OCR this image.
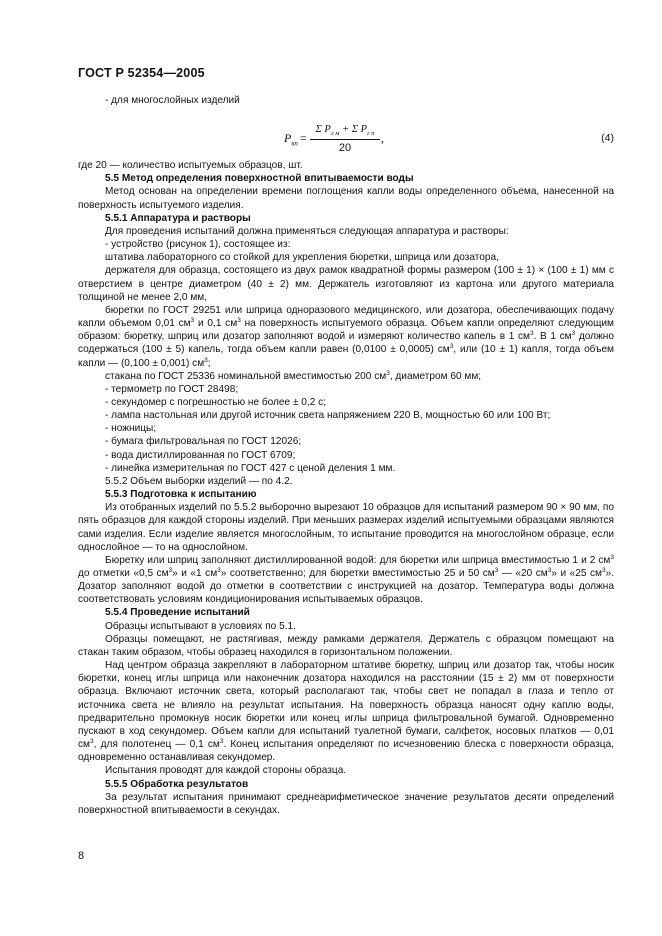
ГОСТ Р 52354—2005

- для многослойных изделий

$P_{вп}$ =
Σ $P_{л м} + \Sigma$ $P_{г п}$
20
,	(4)

где 20 — количество испытуемых образцов, шт.

5.5 Метод определения поверхностной впитываемости воды

Метод основан на определении времени поглощения капли воды определенного объема, нанесенной на поверхность испытуемого изделия.

5.5.1 Аппаратура и растворы

Для проведения испытаний должна применяться следующая аппаратура и растворы:

- устройство (рисунок 1), состоящее из:

штатива лабораторного со стойкой для укрепления бюретки, шприца или дозатора,

держателя для образца, состоящего из двух рамок квадратной формы размером (100 ± 1) × (100 ± 1) мм с отверстием в центре диаметром (40 ± 2) мм. Держатель изготовляют из картона или другого материала толщиной не менее 2,0 мм,

бюретки по ГОСТ 29251 или шприца одноразового медицинского, или дозатора, обеспечивающих подачу капли объемом 0,01 $см^3$ и 0,1 $см^3$ на поверхность испытуемого образца. Объем капли определяют следующим образом: бюретку, шприц или дозатор заполняют водой и измеряют количество капель в 1 $см^3$. В 1 $см^3$ должно содержаться (100 ± 5) капель, тогда объем капли равен (0,0100 ± 0,0005) $см^3$, или (10 ± 1) капля, тогда объем капли — (0,100 ± 0,001) $см^3$;

стакана по ГОСТ 25336 номинальной вместимостью 200 $см^3$, диаметром 60 мм;

- термометр по ГОСТ 28498;

- секундомер с погрешностью не более ± 0,2 с;

- лампа настольная или другой источник света напряжением 220 В, мощностью 60 или 100 Вт;

- ножницы;

- бумага фильтровальная по ГОСТ 12026;

- вода дистиллированная по ГОСТ 6709;

- линейка измерительная по ГОСТ 427 с ценой деления 1 мм.

5.5.2 Объем выборки изделий — по 4.2.

5.5.3 Подготовка к испытанию

Из отобранных изделий по 5.5.2 выборочно вырезают 10 образцов для испытаний размером 90 × 90 мм, по пять образцов для каждой стороны изделий. При меньших размерах изделий испытуемыми образцами являются сами изделия. Если изделие является многослойным, то испытание проводится на многослойном образце, если однослойное — то на однослойном.

Бюретку или шприц заполняют дистиллированной водой: для бюретки или шприца вместимостью 1 и 2 $см^3$ до отметки «0,5 $см^3$» и «1 $см^3$» соответственно; для бюретки вместимостью 25 и 50 $см^3$ — «20 $см^3$» и «25 $см^3$». Дозатор заполняют водой до отметки в соответствии с инструкцией на дозатор. Температура воды должна соответствовать условиям кондиционирования испытываемых образцов.

5.5.4 Проведение испытаний

Образцы испытывают в условиях по 5.1.

Образцы помещают, не растягивая, между рамками держателя. Держатель с образцом помещают на стакан таким образом, чтобы образец находился в горизонтальном положении.

Над центром образца закрепляют в лабораторном штативе бюретку, шприц или дозатор так, чтобы носик бюретки, конец иглы шприца или наконечник дозатора находился на расстоянии (15 ± 2) мм от поверхности образца. Включают источник света, который располагают так, чтобы свет не попадал в глаза и тепло от источника света не влияло на результат испытания. На поверхность образца наносят одну каплю воды, предварительно промокнув носик бюретки или конец иглы шприца фильтровальной бумагой. Одновременно пускают в ход секундомер. Объем капли для испытаний туалетной бумаги, салфеток, носовых платков — 0,01 $см^3$, для полотенец — 0,1 $см^3$. Конец испытания определяют по исчезновению блеска с поверхности образца, одновременно останавливая секундомер.

Испытания проводят для каждой стороны образца.

5.5.5 Обработка результатов

За результат испытания принимают среднеарифметическое значение результатов десяти определений поверхностной впитываемости в секундах.

8
